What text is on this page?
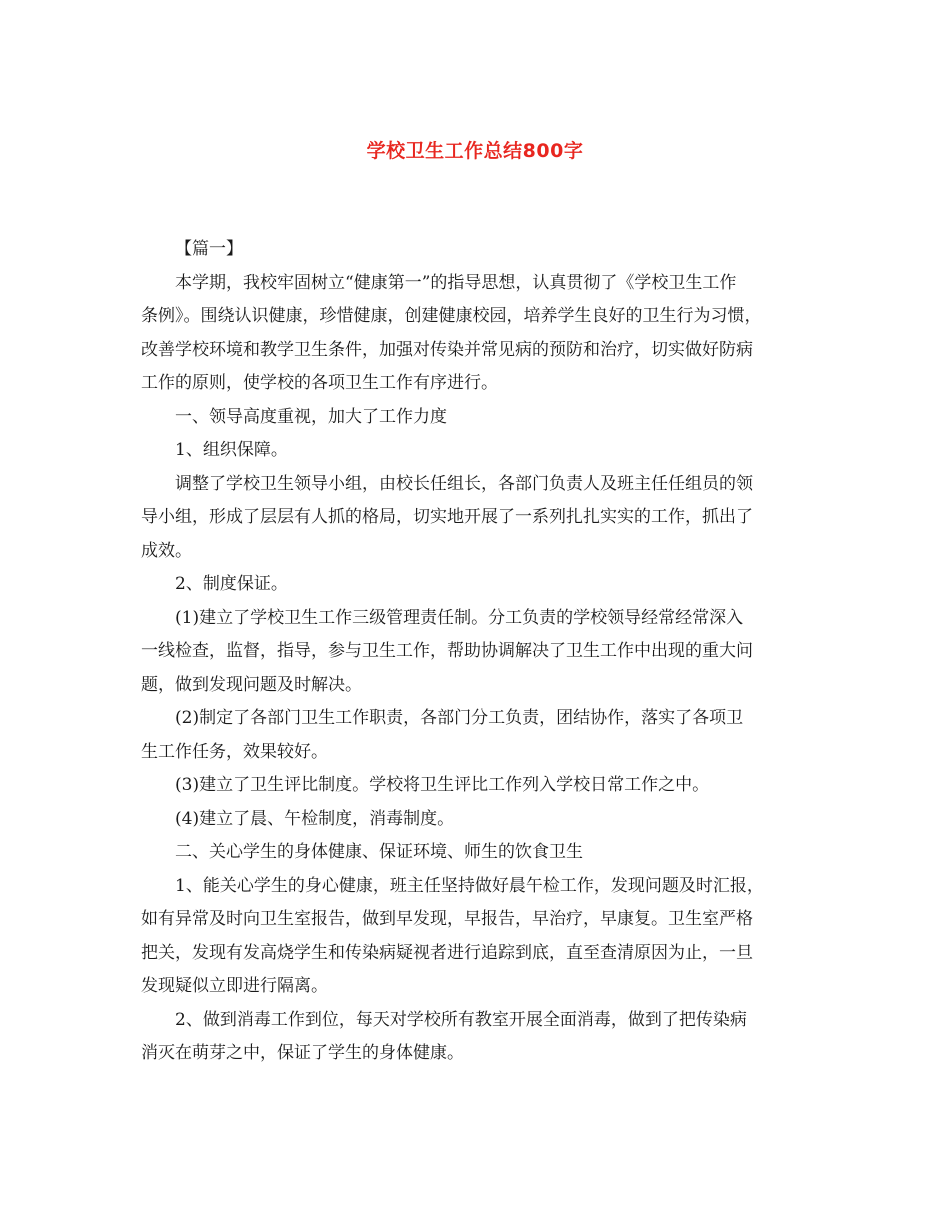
学校卫生工作总结800字
【篇一】
本学期，我校牢固树立“健康第一”的指导思想，认真贯彻了《学校卫生工作
条例》。围绕认识健康，珍惜健康，创建健康校园，培养学生良好的卫生行为习惯，
改善学校环境和教学卫生条件，加强对传染并常见病的预防和治疗，切实做好防病
工作的原则，使学校的各项卫生工作有序进行。
一、领导高度重视，加大了工作力度
1、组织保障。
调整了学校卫生领导小组，由校长任组长，各部门负责人及班主任任组员的领
导小组，形成了层层有人抓的格局，切实地开展了一系列扎扎实实的工作，抓出了
成效。
2、制度保证。
(1)建立了学校卫生工作三级管理责任制。分工负责的学校领导经常经常深入
一线检查，监督，指导，参与卫生工作，帮助协调解决了卫生工作中出现的重大问
题，做到发现问题及时解决。
(2)制定了各部门卫生工作职责，各部门分工负责，团结协作，落实了各项卫
生工作任务，效果较好。
(3)建立了卫生评比制度。学校将卫生评比工作列入学校日常工作之中。
(4)建立了晨、午检制度，消毒制度。
二、关心学生的身体健康、保证环境、师生的饮食卫生
1、能关心学生的身心健康，班主任坚持做好晨午检工作，发现问题及时汇报，
如有异常及时向卫生室报告，做到早发现，早报告，早治疗，早康复。卫生室严格
把关，发现有发高烧学生和传染病疑视者进行追踪到底，直至查清原因为止，一旦
发现疑似立即进行隔离。
2、做到消毒工作到位，每天对学校所有教室开展全面消毒，做到了把传染病
消灭在萌芽之中，保证了学生的身体健康。
